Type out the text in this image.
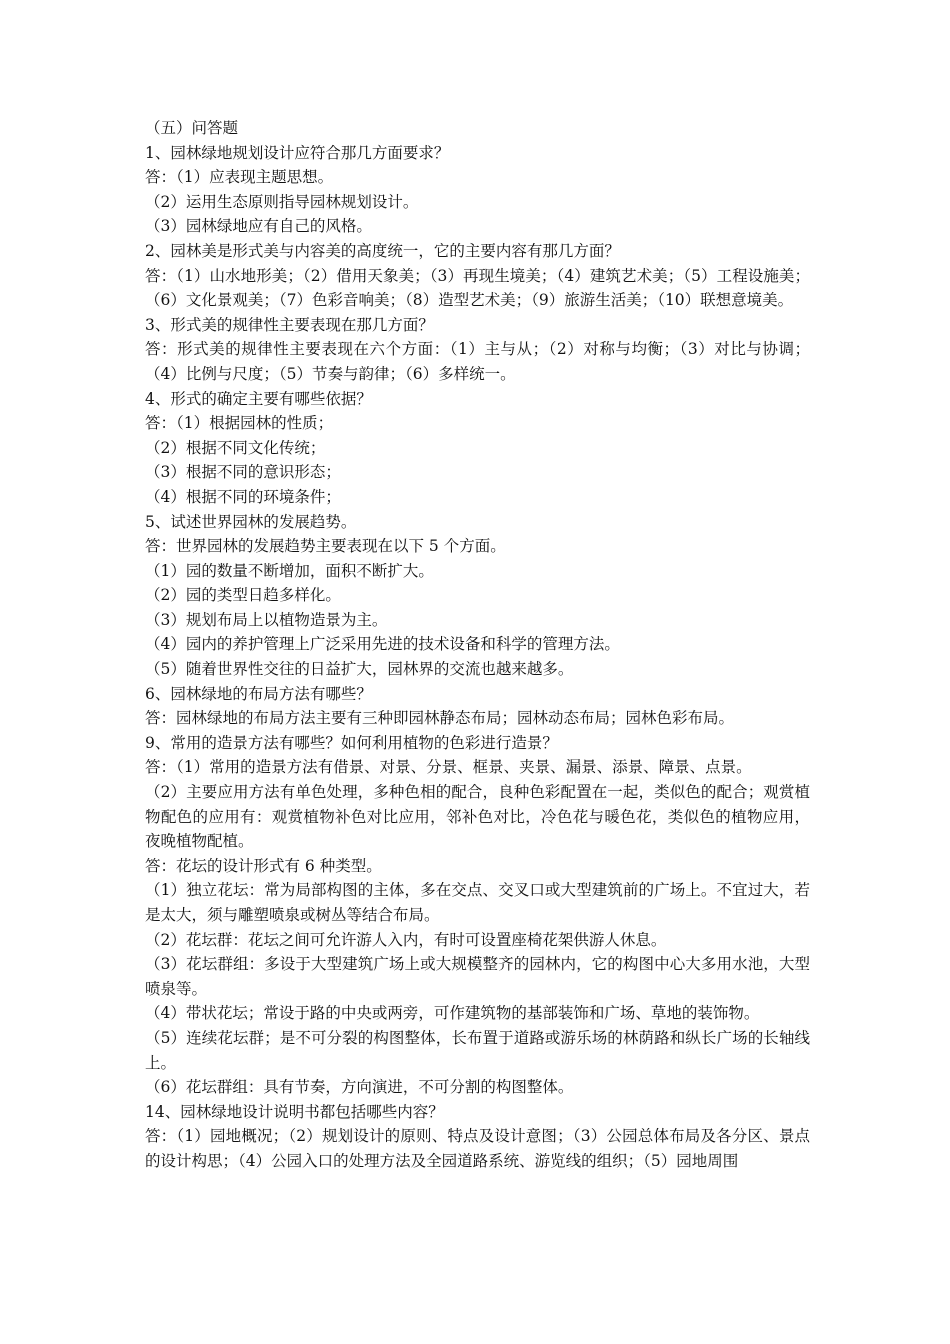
（五）问答题

1、园林绿地规划设计应符合那几方面要求？

答：（1）应表现主题思想。

（2）运用生态原则指导园林规划设计。

（3）园林绿地应有自己的风格。

2、园林美是形式美与内容美的高度统一，它的主要内容有那几方面？

答：（1）山水地形美；（2）借用天象美；（3）再现生境美；（4）建筑艺术美；（5）工程设施美；（6）文化景观美；（7）色彩音响美；（8）造型艺术美；（9）旅游生活美；（10）联想意境美。

3、形式美的规律性主要表现在那几方面？

答：形式美的规律性主要表现在六个方面：（1）主与从；（2）对称与均衡；（3）对比与协调；（4）比例与尺度；（5）节奏与韵律；（6）多样统一。

4、形式的确定主要有哪些依据？

答：（1）根据园林的性质；

（2）根据不同文化传统；

（3）根据不同的意识形态；

（4）根据不同的环境条件；

5、试述世界园林的发展趋势。

答：世界园林的发展趋势主要表现在以下 5 个方面。

（1）园的数量不断增加，面积不断扩大。

（2）园的类型日趋多样化。

（3）规划布局上以植物造景为主。

（4）园内的养护管理上广泛采用先进的技术设备和科学的管理方法。

（5）随着世界性交往的日益扩大，园林界的交流也越来越多。

6、园林绿地的布局方法有哪些？

答：园林绿地的布局方法主要有三种即园林静态布局；园林动态布局；园林色彩布局。

9、常用的造景方法有哪些？如何利用植物的色彩进行造景？

答：（1）常用的造景方法有借景、对景、分景、框景、夹景、漏景、添景、障景、点景。

（2）主要应用方法有单色处理，多种色相的配合，良种色彩配置在一起，类似色的配合；观赏植物配色的应用有：观赏植物补色对比应用，邻补色对比，冷色花与暖色花，类似色的植物应用，夜晚植物配植。

答：花坛的设计形式有 6 种类型。

（1）独立花坛：常为局部构图的主体，多在交点、交叉口或大型建筑前的广场上。不宜过大，若是太大，须与雕塑喷泉或树丛等结合布局。

（2）花坛群：花坛之间可允许游人入内，有时可设置座椅花架供游人休息。

（3）花坛群组：多设于大型建筑广场上或大规模整齐的园林内，它的构图中心大多用水池，大型喷泉等。

（4）带状花坛；常设于路的中央或两旁，可作建筑物的基部装饰和广场、草地的装饰物。

（5）连续花坛群；是不可分裂的构图整体，长布置于道路或游乐场的林荫路和纵长广场的长轴线上。

（6）花坛群组：具有节奏，方向演进，不可分割的构图整体。

14、园林绿地设计说明书都包括哪些内容？

答：（1）园地概况；（2）规划设计的原则、特点及设计意图；（3）公园总体布局及各分区、景点的设计构思；（4）公园入口的处理方法及全园道路系统、游览线的组织；（5）园地周围
